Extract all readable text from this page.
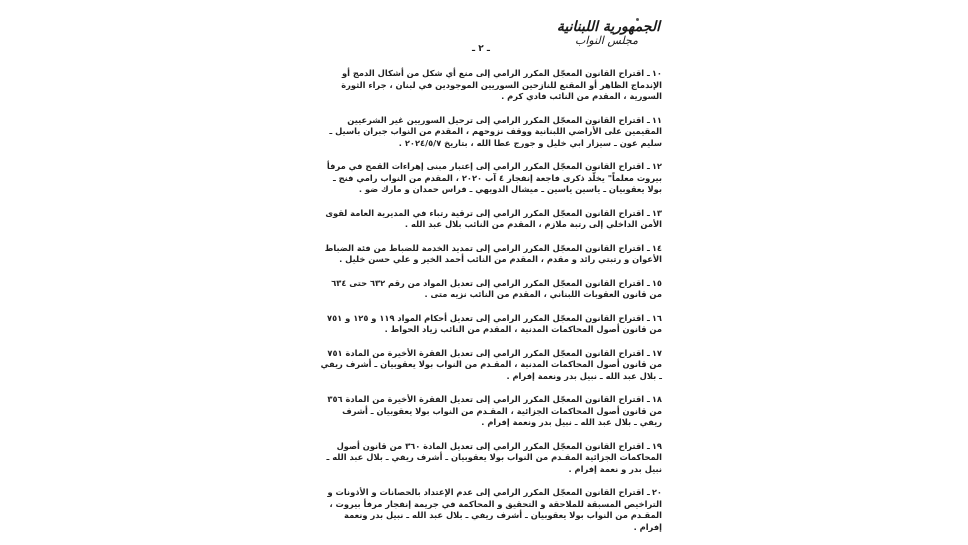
الجمهورية اللبنانية
مجلس النواب
ـ ٢ ـ
١٠ـ اقتراح القانون المعجّل المكرر الرامي إلى منع أي شكل من أشكال الدمج أو الإندماج الظاهر أو المقنع للنازحين السوريين الموجودين في لبنان ، جراء الثورة السورية ، المقدم من النائب فادي كرم .
١١ـ اقتراح القانون المعجّل المكرر الرامي إلى ترحيل السوريين غير الشرعيين المقيمين على الأراضي اللبنانية ووقف نزوحهم ، المقدم من النواب جبران باسيل ـ سليم عون ـ سيزار ابي خليل و جورج عطا الله ، بتاريخ ٢٠٢٤/٥/٧ .
١٢ـ اقتراح القانون المعجّل المكرر الرامي إلى إعتبار مبنى إهراءات القمح في مرفأ بيروت معلماً" يخلّد ذكرى فاجعة إنفجار ٤ آب ٢٠٢٠ ، المقدم من النواب رامي فنج ـ بولا يعقوبيان ـ ياسين ياسين ـ ميشال الدويهي ـ فراس حمدان و مارك ضو .
١٣ـ اقتراح القانون المعجّل المكرر الرامي إلى ترقية رتباء في المديرية العامة لقوى الأمن الداخلي إلى رتبة ملازم ، المقدم من النائب بلال عبد الله .
١٤ـ اقتراح القانون المعجّل المكرر الرامي إلى تمديد الخدمة للضباط من فئة الضباط الأعوان و رتبتي رائد و مقدم ، المقدم من النائب أحمد الخير و علي حسن خليل .
١٥ـ اقتراح القانون المعجّل المكرر الرامي إلى تعديل المواد من رقم ٦٣٢ حتى ٦٣٤ من قانون العقوبات اللبناني ، المقدم من النائب نزيه متى .
١٦ـ اقتراح القانون المعجّل المكرر الرامي إلى تعديل أحكام المواد ١١٩ و ١٢٥ و ٧٥١ من قانون أصول المحاكمات المدنية ، المقدم من النائب زياد الحواط .
١٧ـ اقتراح القانون المعجّل المكرر الرامي إلى تعديل الفقرة الأخيرة من المادة ٧٥١ من قانون أصول المحاكمات المدنية ، المقـدم من النواب بولا يعقوبيان ـ أشرف ريفي ـ بلال عبد الله ـ نبيل بدر ونعمة إفرام .
١٨ـ اقتراح القانون المعجّل المكرر الرامي إلى تعديل الفقرة الأخيرة من المادة ٣٥٦ من قانون أصول المحاكمات الجزائية ، المقـدم من النواب بولا يعقوبيان ـ أشرف ريفي ـ بلال عبد الله ـ نبيل بدر ونعمة إفرام .
١٩ـ اقتراح القانون المعجّل المكرر الرامي إلى تعديل المادة ٣٦٠ من قانون أصول المحاكمات الجزائية المقـدم من النواب بولا يعقوبيان ـ أشرف ريفي ـ بلال عبد الله ـ نبيل بدر و نعمة إفرام .
٢٠ـ اقتراح القانون المعجّل المكرر الرامي إلى عدم الإعتداد بالحصانات و الأذونات و التراخيص المسبقة للملاحقة و التحقيق و المحاكمة في جريمة إنفجار مرفأ بيروت ، المقـدم من النواب بولا يعقوبيان ـ أشرف ريفي ـ بلال عبد الله ـ نبيل بدر ونعمة إفرام .
